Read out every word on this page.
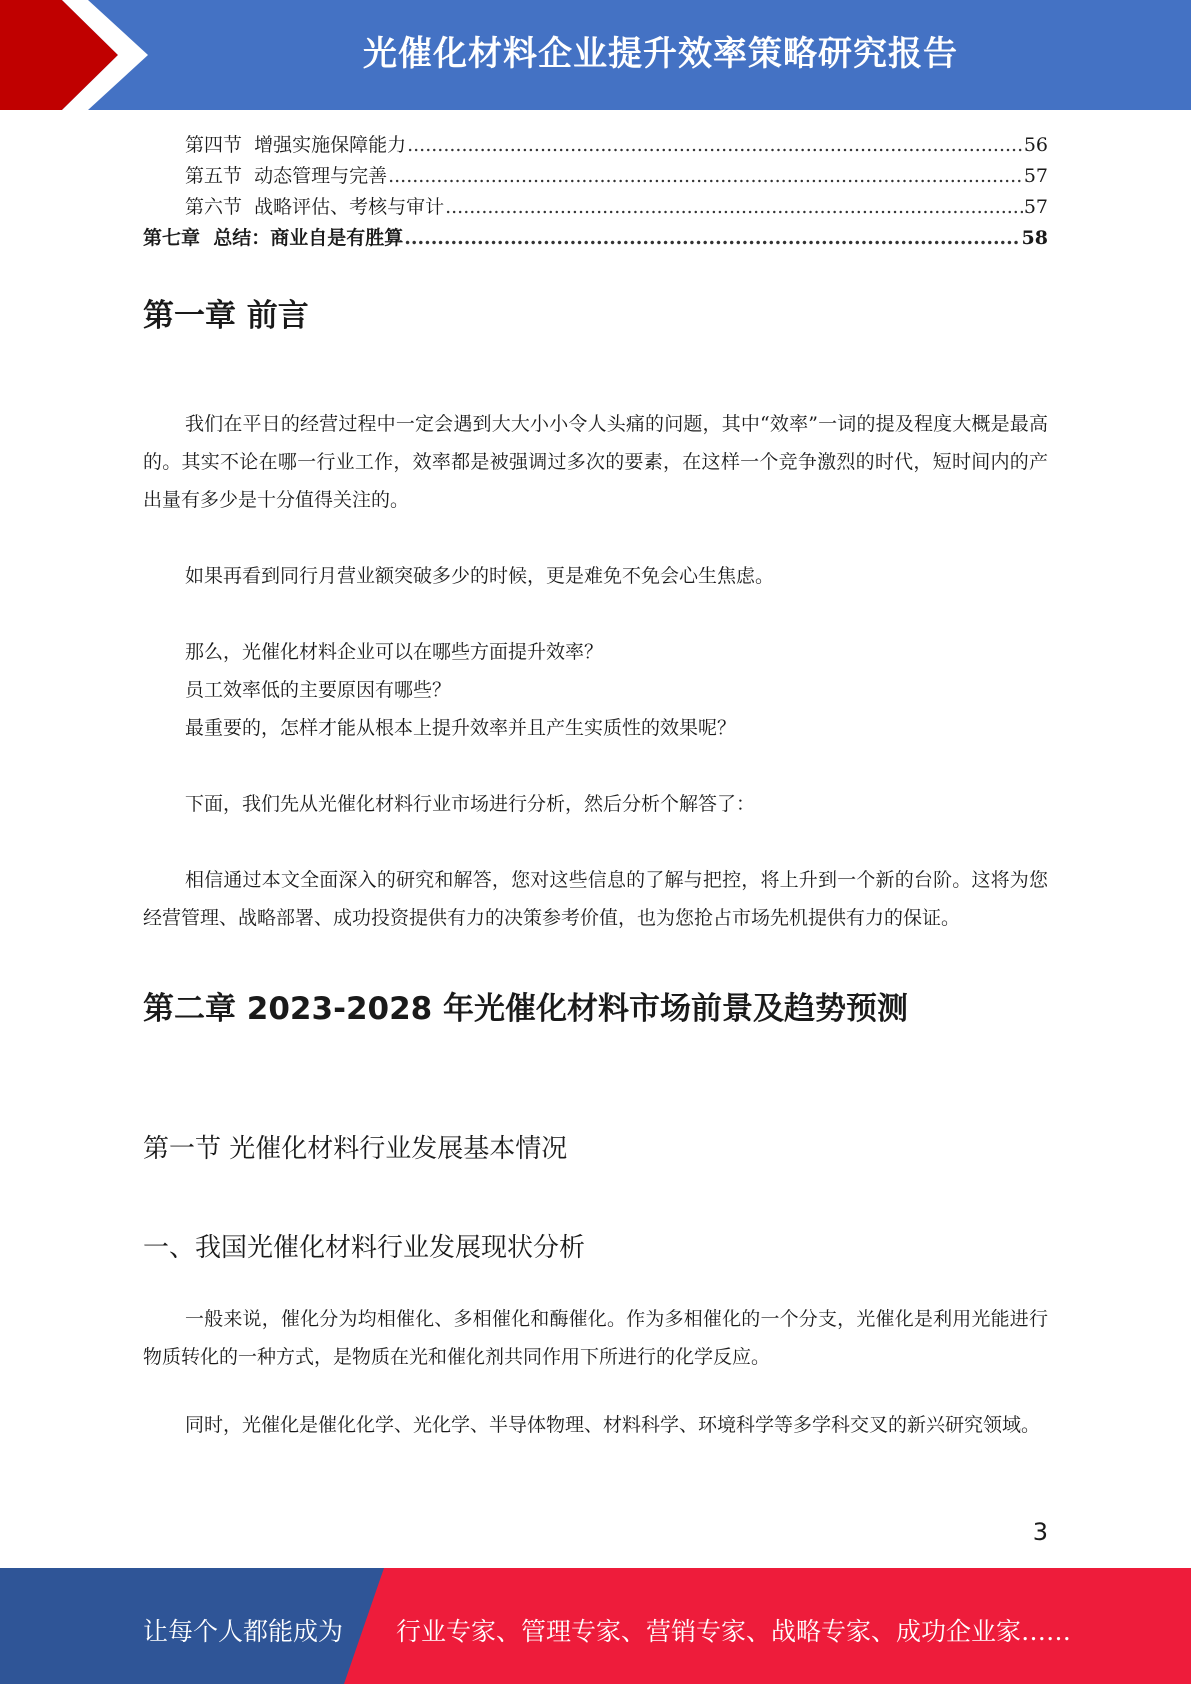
光催化材料企业提升效率策略研究报告
第四节  增强实施保障能力 .....	56
第五节  动态管理与完善 .....	57
第六节  战略评估、考核与审计 .....	57
第七章  总结：商业自是有胜算 .....	58
第一章 前言

我们在平日的经营过程中一定会遇到大大小小令人头痛的问题，其中“效率”一词的提及程度大概是最高的。其实不论在哪一行业工作，效率都是被强调过多次的要素，在这样一个竞争激烈的时代，短时间内的产出量有多少是十分值得关注的。

如果再看到同行月营业额突破多少的时候，更是难免不免会心生焦虑。

那么，光催化材料企业可以在哪些方面提升效率？

员工效率低的主要原因有哪些？

最重要的，怎样才能从根本上提升效率并且产生实质性的效果呢？

下面，我们先从光催化材料行业市场进行分析，然后分析个解答了：

相信通过本文全面深入的研究和解答，您对这些信息的了解与把控，将上升到一个新的台阶。这将为您经营管理、战略部署、成功投资提供有力的决策参考价值，也为您抢占市场先机提供有力的保证。

第二章 2023-2028 年光催化材料市场前景及趋势预测
第一节 光催化材料行业发展基本情况
一、我国光催化材料行业发展现状分析

一般来说，催化分为均相催化、多相催化和酶催化。作为多相催化的一个分支，光催化是利用光能进行物质转化的一种方式，是物质在光和催化剂共同作用下所进行的化学反应。

同时，光催化是催化化学、光化学、半导体物理、材料科学、环境科学等多学科交叉的新兴研究领域。

3
让每个人都能成为 行业专家、管理专家、营销专家、战略专家、成功企业家……
